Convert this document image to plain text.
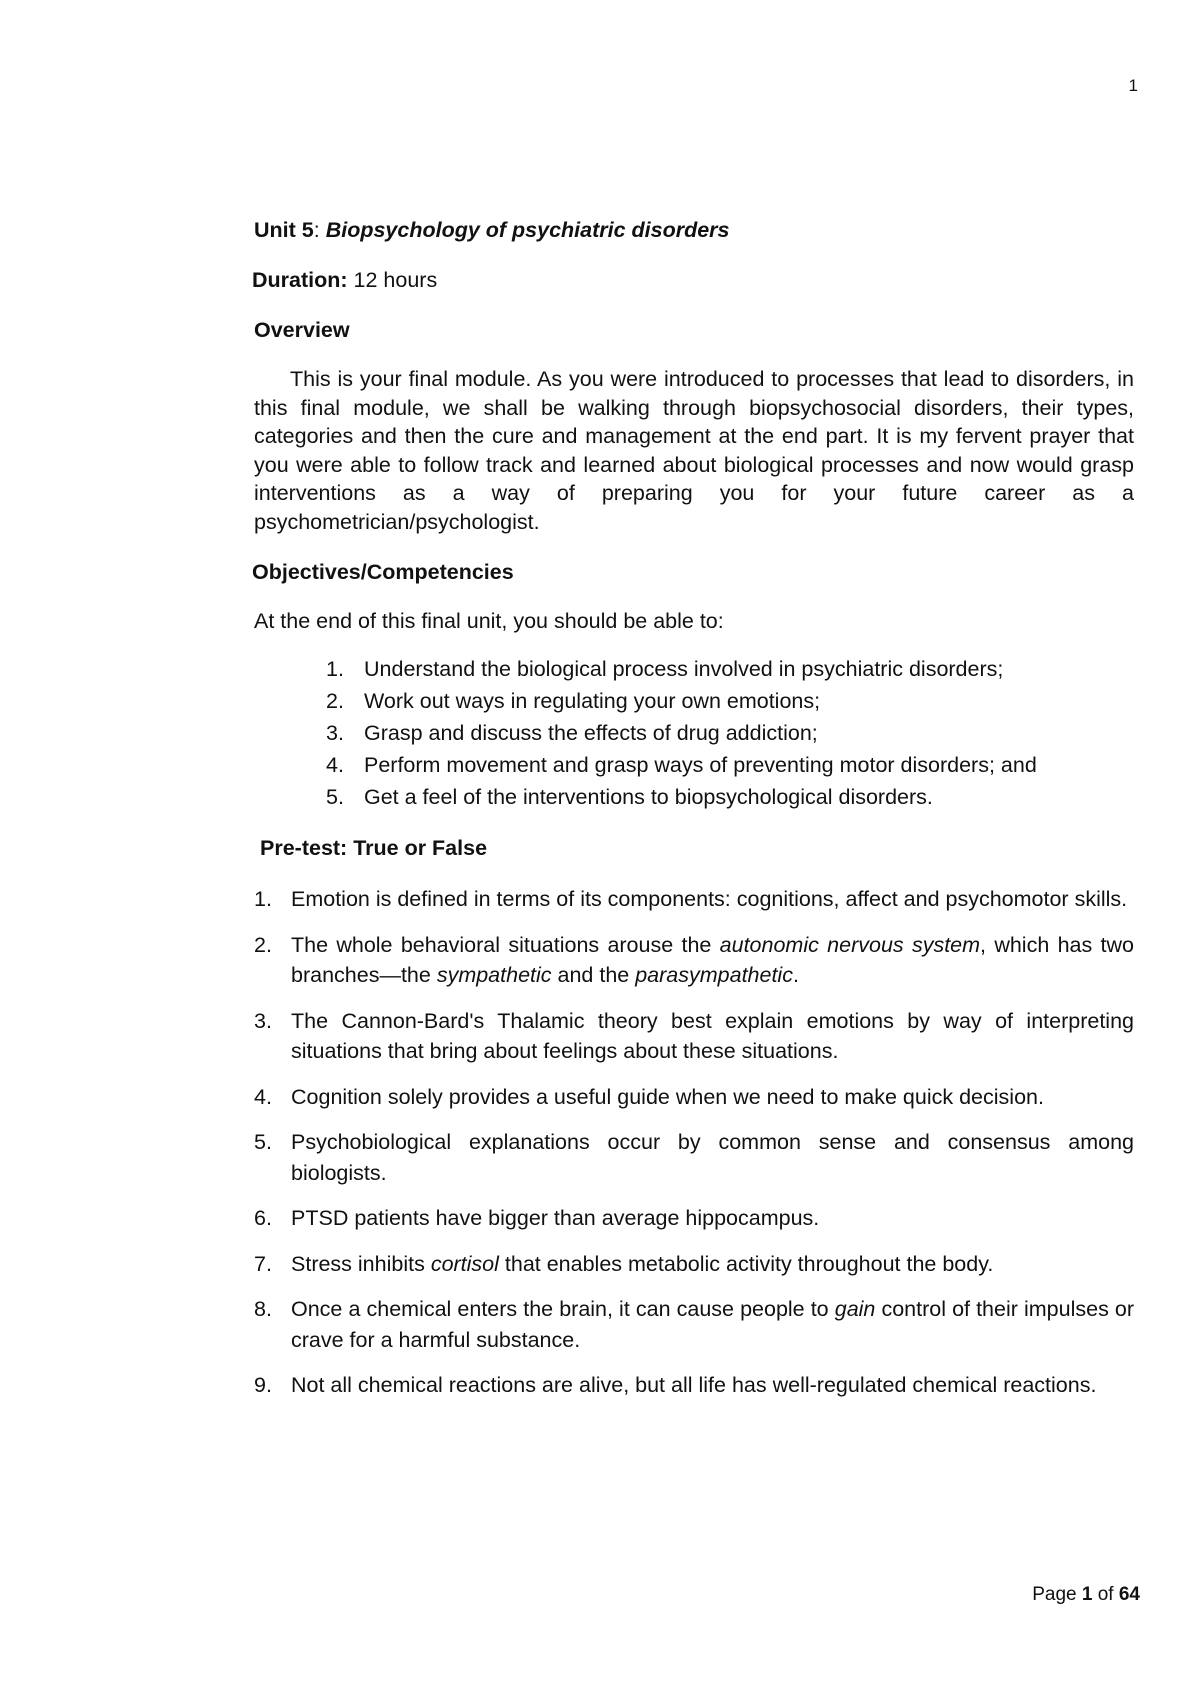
1
Unit 5: Biopsychology of psychiatric disorders
Duration: 12 hours
Overview

This is your final module. As you were introduced to processes that lead to disorders, in this final module, we shall be walking through biopsychosocial disorders, their types, categories and then the cure and management at the end part. It is my fervent prayer that you were able to follow track and learned about biological processes and now would grasp interventions as a way of preparing you for your future career as a psychometrician/psychologist.

Objectives/Competencies
At the end of this final unit, you should be able to:
1. Understand the biological process involved in psychiatric disorders;
2. Work out ways in regulating your own emotions;
3. Grasp and discuss the effects of drug addiction;
4. Perform movement and grasp ways of preventing motor disorders; and
5. Get a feel of the interventions to biopsychological disorders.
Pre-test: True or False
1. Emotion is defined in terms of its components: cognitions, affect and psychomotor skills.
2. The whole behavioral situations arouse the autonomic nervous system, which has two branches—the sympathetic and the parasympathetic.
3. The Cannon-Bard's Thalamic theory best explain emotions by way of interpreting situations that bring about feelings about these situations.
4. Cognition solely provides a useful guide when we need to make quick decision.
5. Psychobiological explanations occur by common sense and consensus among biologists.
6. PTSD patients have bigger than average hippocampus.
7. Stress inhibits cortisol that enables metabolic activity throughout the body.
8. Once a chemical enters the brain, it can cause people to gain control of their impulses or crave for a harmful substance.
9. Not all chemical reactions are alive, but all life has well-regulated chemical reactions.
Page 1 of 64
